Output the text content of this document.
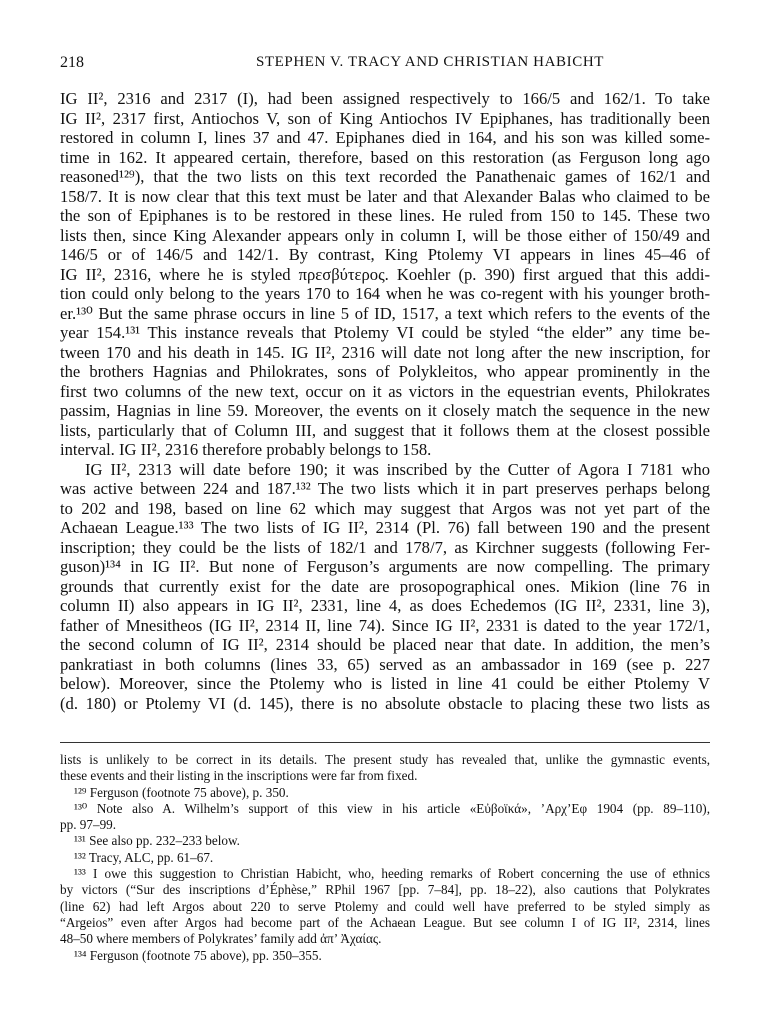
218	STEPHEN V. TRACY AND CHRISTIAN HABICHT
IG II², 2316 and 2317 (I), had been assigned respectively to 166/5 and 162/1. To take
IG II², 2317 first, Antiochos V, son of King Antiochos IV Epiphanes, has traditionally been
restored in column I, lines 37 and 47. Epiphanes died in 164, and his son was killed some-
time in 162. It appeared certain, therefore, based on this restoration (as Ferguson long ago
reasoned¹²⁹), that the two lists on this text recorded the Panathenaic games of 162/1 and
158/7. It is now clear that this text must be later and that Alexander Balas who claimed to be
the son of Epiphanes is to be restored in these lines. He ruled from 150 to 145. These two
lists then, since King Alexander appears only in column I, will be those either of 150/49 and
146/5 or of 146/5 and 142/1. By contrast, King Ptolemy VI appears in lines 45–46 of
IG II², 2316, where he is styled πρεσβύτερος. Koehler (p. 390) first argued that this addi-
tion could only belong to the years 170 to 164 when he was co-regent with his younger broth-
er.¹³⁰ But the same phrase occurs in line 5 of ID, 1517, a text which refers to the events of the
year 154.¹³¹ This instance reveals that Ptolemy VI could be styled “the elder” any time be-
tween 170 and his death in 145. IG II², 2316 will date not long after the new inscription, for
the brothers Hagnias and Philokrates, sons of Polykleitos, who appear prominently in the
first two columns of the new text, occur on it as victors in the equestrian events, Philokrates
passim, Hagnias in line 59. Moreover, the events on it closely match the sequence in the new
lists, particularly that of Column III, and suggest that it follows them at the closest possible
interval. IG II², 2316 therefore probably belongs to 158.
IG II², 2313 will date before 190; it was inscribed by the Cutter of Agora I 7181 who
was active between 224 and 187.¹³² The two lists which it in part preserves perhaps belong
to 202 and 198, based on line 62 which may suggest that Argos was not yet part of the
Achaean League.¹³³ The two lists of IG II², 2314 (Pl. 76) fall between 190 and the present
inscription; they could be the lists of 182/1 and 178/7, as Kirchner suggests (following Fer-
guson)¹³⁴ in IG II². But none of Ferguson’s arguments are now compelling. The primary
grounds that currently exist for the date are prosopographical ones. Mikion (line 76 in
column II) also appears in IG II², 2331, line 4, as does Echedemos (IG II², 2331, line 3),
father of Mnesitheos (IG II², 2314 II, line 74). Since IG II², 2331 is dated to the year 172/1,
the second column of IG II², 2314 should be placed near that date. In addition, the men’s
pankratiast in both columns (lines 33, 65) served as an ambassador in 169 (see p. 227
below). Moreover, since the Ptolemy who is listed in line 41 could be either Ptolemy V
(d. 180) or Ptolemy VI (d. 145), there is no absolute obstacle to placing these two lists as
lists is unlikely to be correct in its details. The present study has revealed that, unlike the gymnastic events,
these events and their listing in the inscriptions were far from fixed.
¹²⁹ Ferguson (footnote 75 above), p. 350.
¹³⁰ Note also A. Wilhelm’s support of this view in his article «Εὐβοϊκά», ’Αρχ’Εφ 1904 (pp. 89–110),
pp. 97–99.
¹³¹ See also pp. 232–233 below.
¹³² Tracy, ALC, pp. 61–67.
¹³³ I owe this suggestion to Christian Habicht, who, heeding remarks of Robert concerning the use of ethnics
by victors (“Sur des inscriptions d’Éphèse,” RPhil 1967 [pp. 7–84], pp. 18–22), also cautions that Polykrates
(line 62) had left Argos about 220 to serve Ptolemy and could well have preferred to be styled simply as
“Argeios” even after Argos had become part of the Achaean League. But see column I of IG II², 2314, lines
48–50 where members of Polykrates’ family add ἀπ’ Ἀχαίας.
¹³⁴ Ferguson (footnote 75 above), pp. 350–355.
